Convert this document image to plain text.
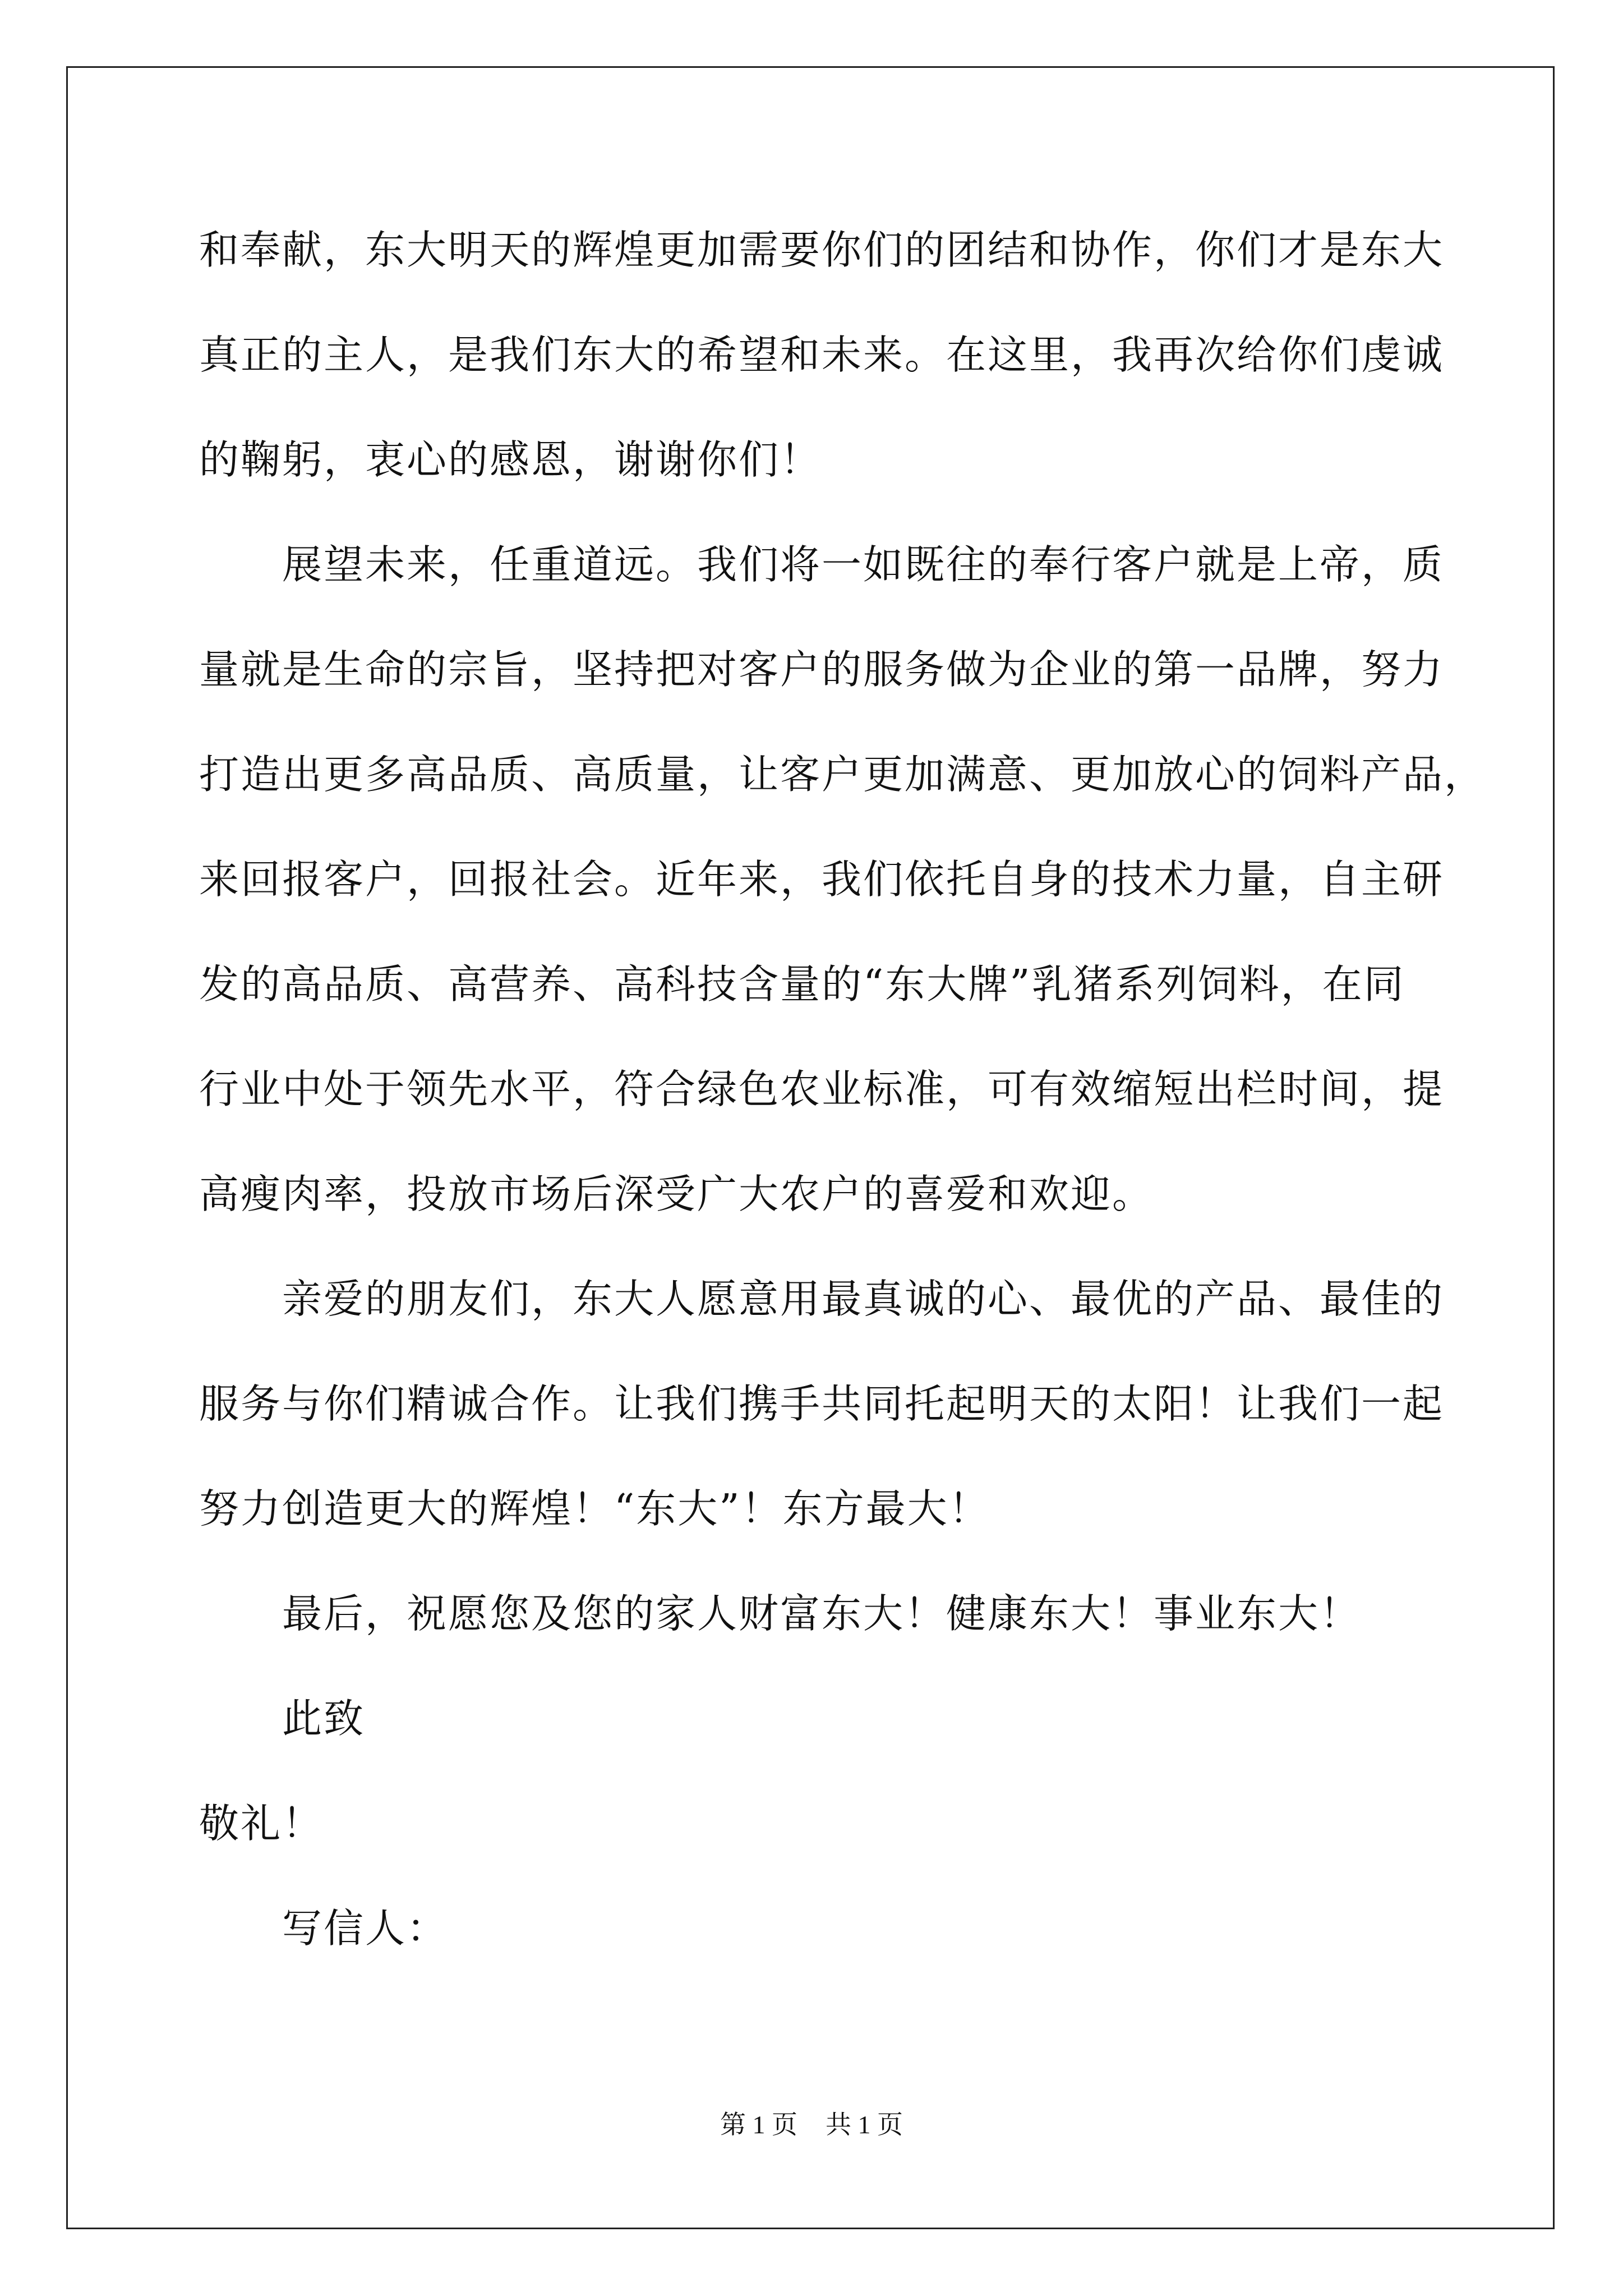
和奉献，东大明天的辉煌更加需要你们的团结和协作，你们才是东大
真正的主人，是我们东大的希望和未来。在这里，我再次给你们虔诚
的鞠躬，衷心的感恩，谢谢你们！
展望未来，任重道远。我们将一如既往的奉行客户就是上帝，质
量就是生命的宗旨，坚持把对客户的服务做为企业的第一品牌，努力
打造出更多高品质、高质量，让客户更加满意、更加放心的饲料产品，
来回报客户，回报社会。近年来，我们依托自身的技术力量，自主研
发的高品质、高营养、高科技含量的“东大牌”乳猪系列饲料，在同
行业中处于领先水平，符合绿色农业标准，可有效缩短出栏时间，提
高瘦肉率，投放市场后深受广大农户的喜爱和欢迎。
亲爱的朋友们，东大人愿意用最真诚的心、最优的产品、最佳的
服务与你们精诚合作。让我们携手共同托起明天的太阳！让我们一起
努力创造更大的辉煌！“东大”！东方最大！
最后，祝愿您及您的家人财富东大！健康东大！事业东大！
此致
敬礼！
写信人：
第 1 页 共 1 页
